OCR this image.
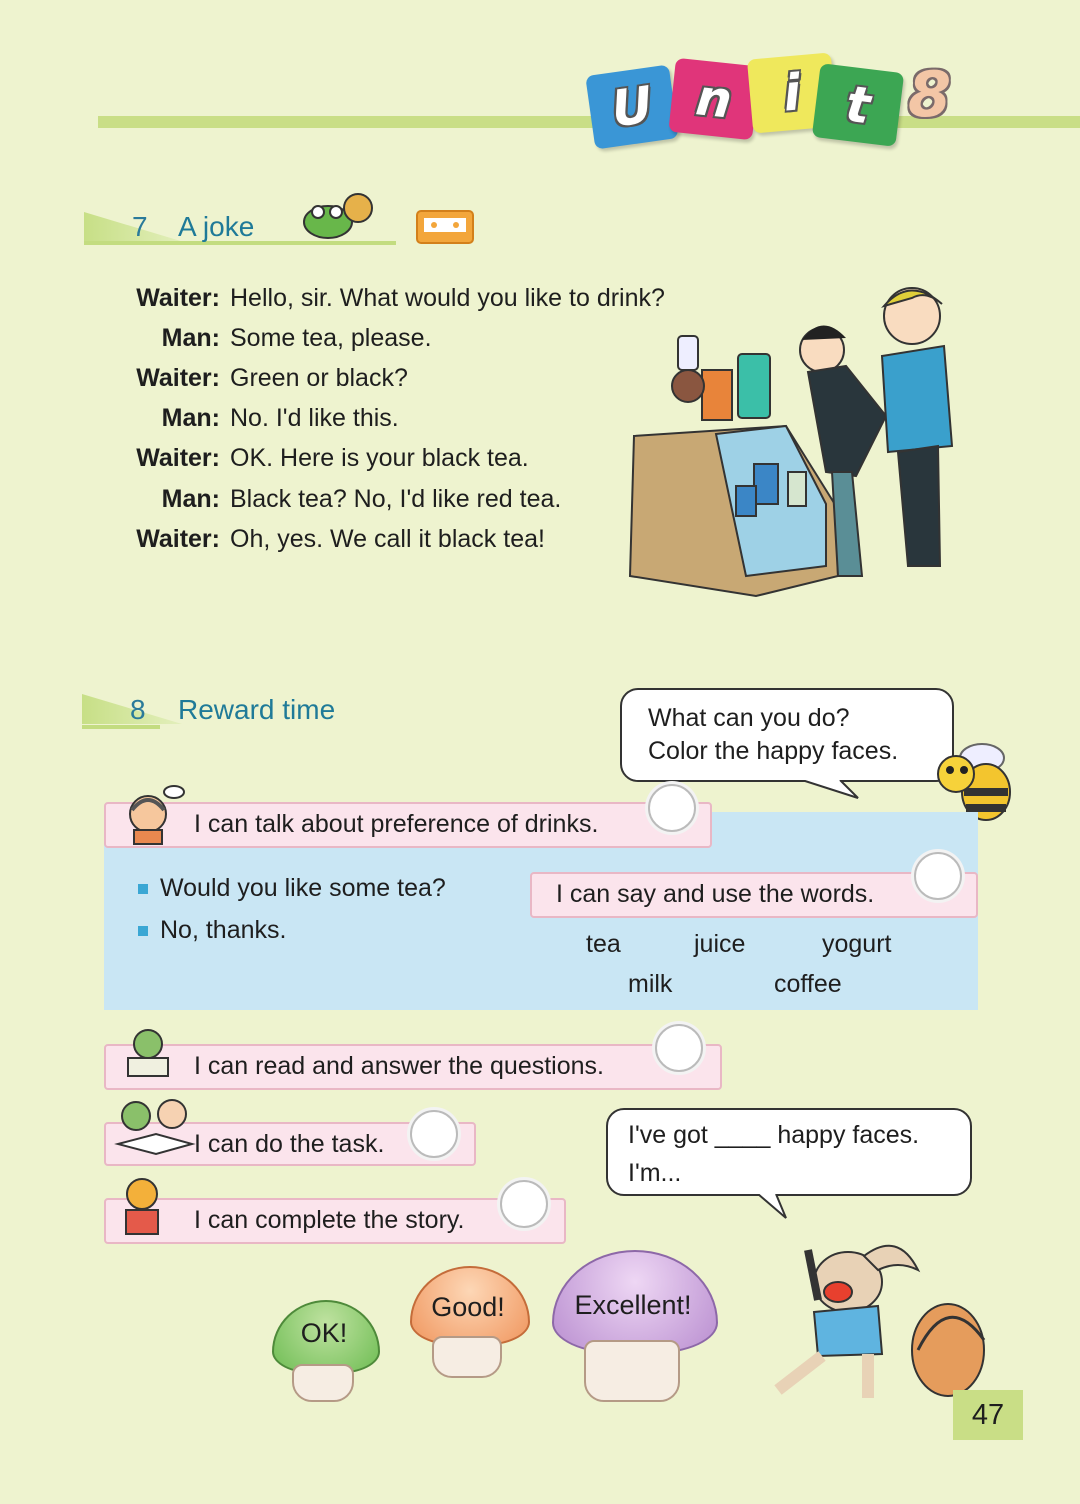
U n i t 8
7 A joke
Waiter: Hello, sir. What would you like to drink?
Man: Some tea, please.
Waiter: Green or black?
Man: No. I'd like this.
Waiter: OK. Here is your black tea.
Man: Black tea? No, I'd like red tea.
Waiter: Oh, yes. We call it black tea!
8 Reward time	What can you do?
Color the happy faces.
I can talk about preference of drinks.
Would you like some tea?
No, thanks.
I can say and use the words.
tea	juice	yogurt
milk	coffee
I can read and answer the questions.
I can do the task.
I can complete the story.
I've got ____ happy faces.
I'm...
OK!
Good!	Excellent!
47
